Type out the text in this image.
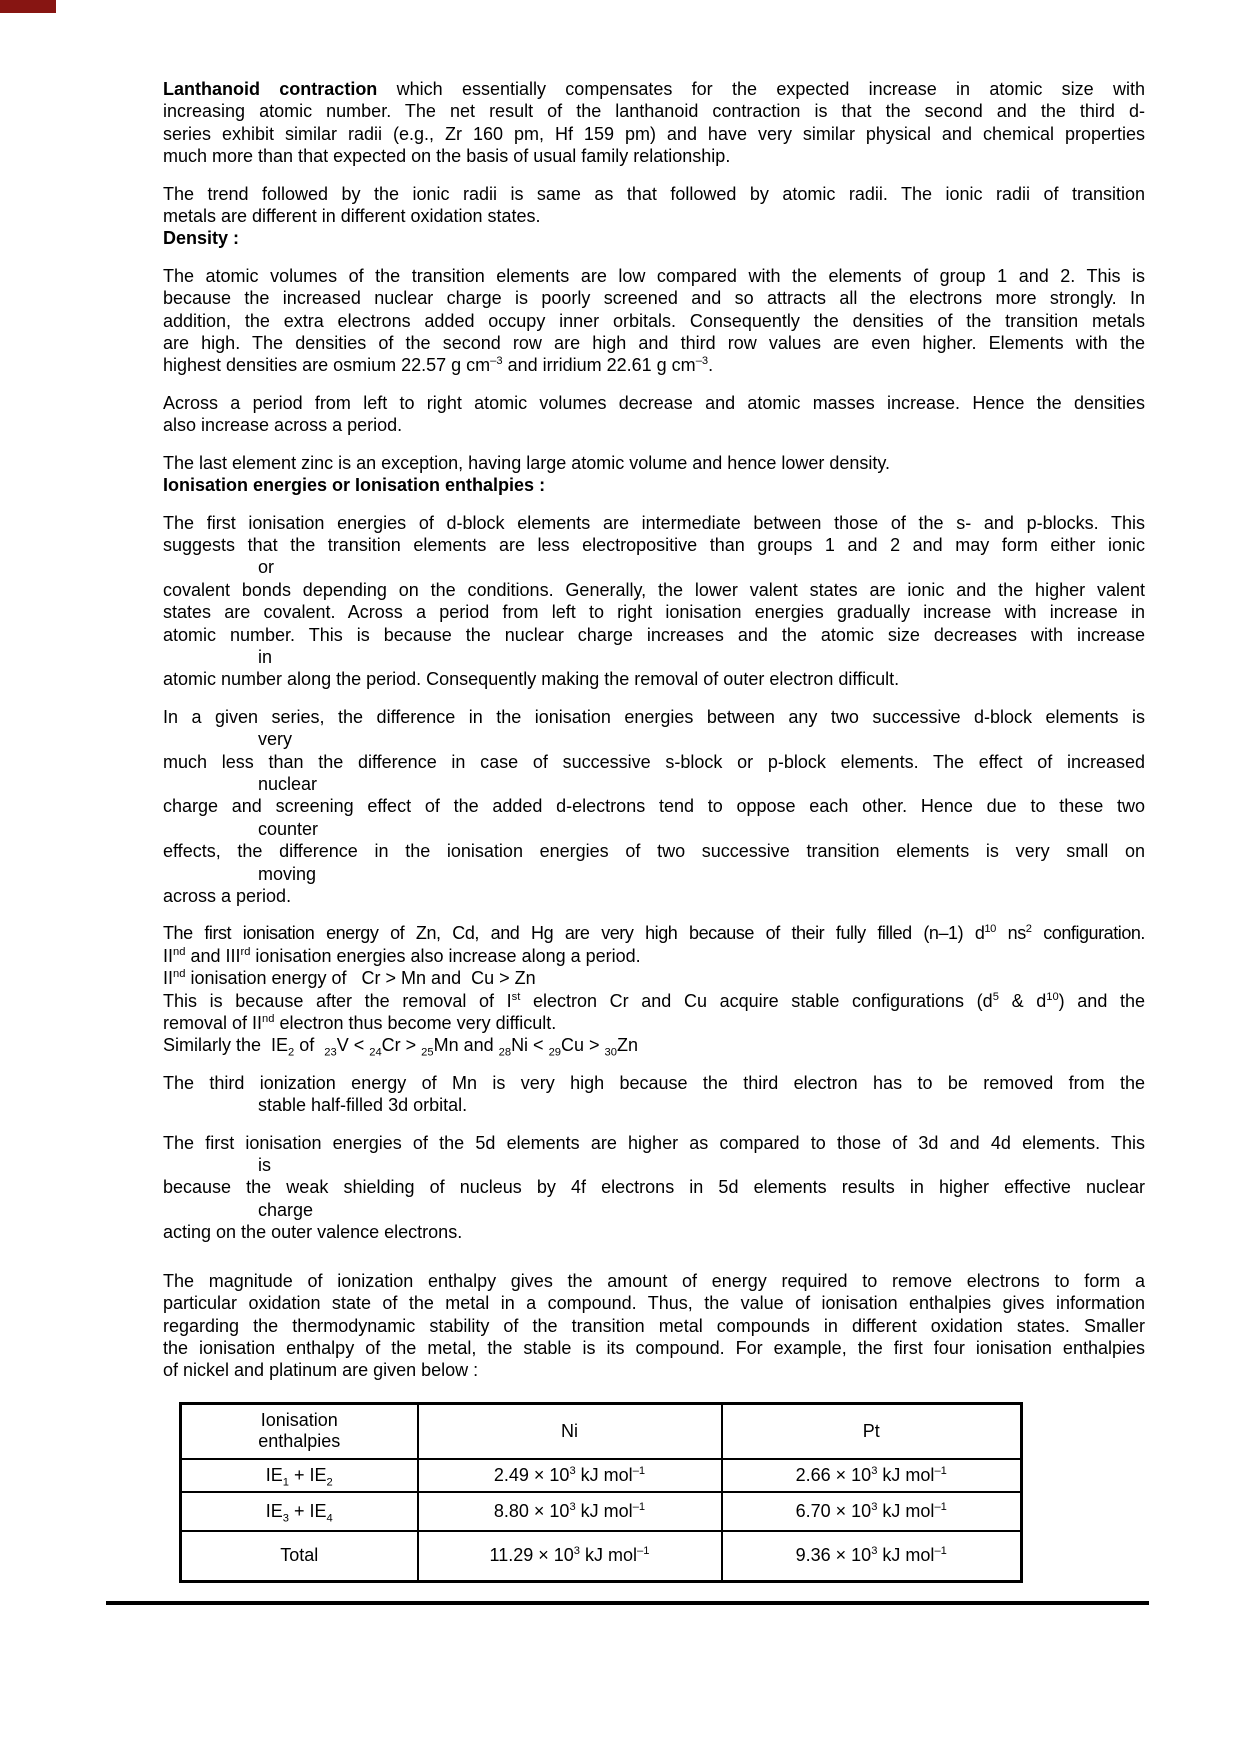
Lanthanoid contraction which essentially compensates for the expected increase in atomic size with
increasing atomic number. The net result of the lanthanoid contraction is that the second and the third d-
series exhibit similar radii (e.g., Zr 160 pm, Hf 159 pm) and have very similar physical and chemical properties
much more than that expected on the basis of usual family relationship.
The trend followed by the ionic radii is same as that followed by atomic radii. The ionic radii of transition
metals are different in different oxidation states.
Density :
The atomic volumes of the transition elements are low compared with the elements of group 1 and 2. This is
because the increased nuclear charge is poorly screened and so attracts all the electrons more strongly. In
addition, the extra electrons added occupy inner orbitals. Consequently the densities of the transition metals
are high. The densities of the second row are high and third row values are even higher. Elements with the
highest densities are osmium 22.57 g $cm^{-3}$ and irridium 22.61 g $cm^{-3}$.
Across a period from left to right atomic volumes decrease and atomic masses increase. Hence the densities
also increase across a period.
The last element zinc is an exception, having large atomic volume and hence lower density.
Ionisation energies or Ionisation enthalpies :
The first ionisation energies of d-block elements are intermediate between those of the s- and p-blocks. This
suggests that the transition elements are less electropositive than groups 1 and 2 and may form either ionic
or
covalent bonds depending on the conditions. Generally, the lower valent states are ionic and the higher valent
states are covalent. Across a period from left to right ionisation energies gradually increase with increase in
atomic number. This is because the nuclear charge increases and the atomic size decreases with increase
in
atomic number along the period. Consequently making the removal of outer electron difficult.
In a given series, the difference in the ionisation energies between any two successive d-block elements is
very
much less than the difference in case of successive s-block or p-block elements. The effect of increased
nuclear
charge and screening effect of the added d-electrons tend to oppose each other. Hence due to these two
counter
effects, the difference in the ionisation energies of two successive transition elements is very small on
moving
across a period.
The first ionisation energy of Zn, Cd, and Hg are very high because of their fully filled (n–1) $d^{10}$ $ns^2$ configuration.
IInd and IIIrd ionisation energies also increase along a period.
IInd ionisation energy of   Cr > Mn and  Cu > Zn
This is because after the removal of Ist electron Cr and Cu acquire stable configurations ($d^5$ & $d^{10}$) and the
removal of IInd electron thus become very difficult.
Similarly the  $IE_2$ of  $_{23}$V < $_{24}$Cr > $_{25}$Mn and $_{28}$Ni < $_{29}$Cu > $_{30}$Zn
The third ionization energy of Mn is very high because the third electron has to be removed from the
stable half-filled 3d orbital.
The first ionisation energies of the 5d elements are higher as compared to those of 3d and 4d elements. This
is
because the weak shielding of nucleus by 4f electrons in 5d elements results in higher effective nuclear
charge
acting on the outer valence electrons.
The magnitude of ionization enthalpy gives the amount of energy required to remove electrons to form a
particular oxidation state of the metal in a compound. Thus, the value of ionisation enthalpies gives information
regarding the thermodynamic stability of the transition metal compounds in different oxidation states. Smaller
the ionisation enthalpy of the metal, the stable is its compound. For example, the first four ionisation enthalpies
of nickel and platinum are given below :
Ionisation
enthalpies	Ni	Pt
$IE_1 + IE_2$	$2.49 \times 10^3$ kJ mol$^{-1}$	$2.66 \times 10^3$ kJ mol$^{-1}$
$IE_3 + IE_4$	$8.80 \times 10^3$ kJ mol$^{-1}$	$6.70 \times 10^3$ kJ mol$^{-1}$
Total	$11.29 \times 10^3$ kJ mol$^{-1}$	$9.36 \times 10^3$ kJ mol$^{-1}$
